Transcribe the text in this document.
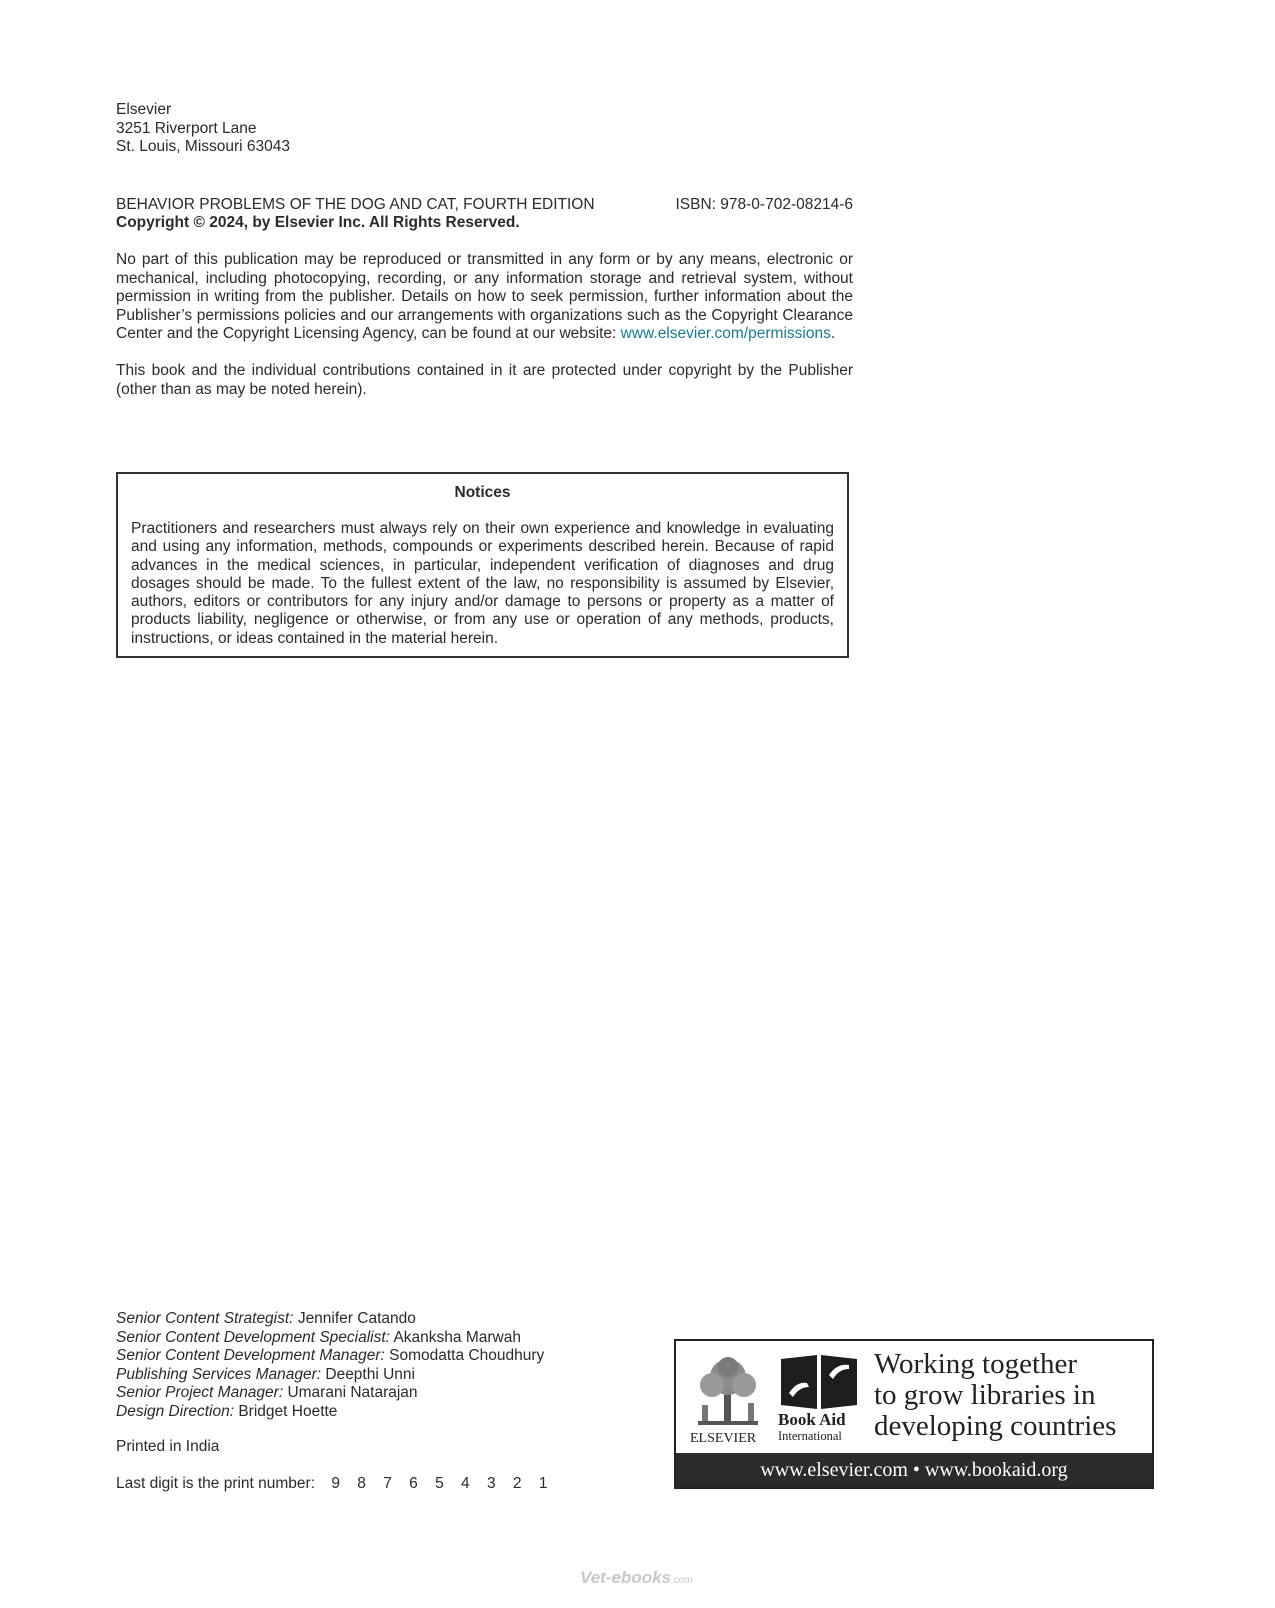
Elsevier
3251 Riverport Lane
St. Louis, Missouri 63043
BEHAVIOR PROBLEMS OF THE DOG AND CAT, FOURTH EDITION	ISBN: 978-0-702-08214-6
Copyright © 2024, by Elsevier Inc. All Rights Reserved.
No part of this publication may be reproduced or transmitted in any form or by any means, electronic or mechanical, including photocopying, recording, or any information storage and retrieval system, without permission in writing from the publisher. Details on how to seek permission, further information about the Publisher’s permissions policies and our arrangements with organizations such as the Copyright Clearance Center and the Copyright Licensing Agency, can be found at our website: www.elsevier.com/permissions.
This book and the individual contributions contained in it are protected under copyright by the Publisher (other than as may be noted herein).
Notices
Practitioners and researchers must always rely on their own experience and knowledge in evaluating and using any information, methods, compounds or experiments described herein. Because of rapid advances in the medical sciences, in particular, independent verification of diagnoses and drug dosages should be made. To the fullest extent of the law, no responsibility is assumed by Elsevier, authors, editors or contributors for any injury and/or damage to persons or property as a matter of products liability, negligence or otherwise, or from any use or operation of any methods, products, instructions, or ideas contained in the material herein.
Senior Content Strategist: Jennifer Catando
Senior Content Development Specialist: Akanksha Marwah
Senior Content Development Manager: Somodatta Choudhury
Publishing Services Manager: Deepthi Unni
Senior Project Manager: Umarani Natarajan
Design Direction: Bridget Hoette
Printed in India
Last digit is the print number: 9 8 7 6 5 4 3 2 1
ELSEVIER
Book Aid
International
Working together
to grow libraries in
developing countries
www.elsevier.com • www.bookaid.org
Vet-ebooks.com
